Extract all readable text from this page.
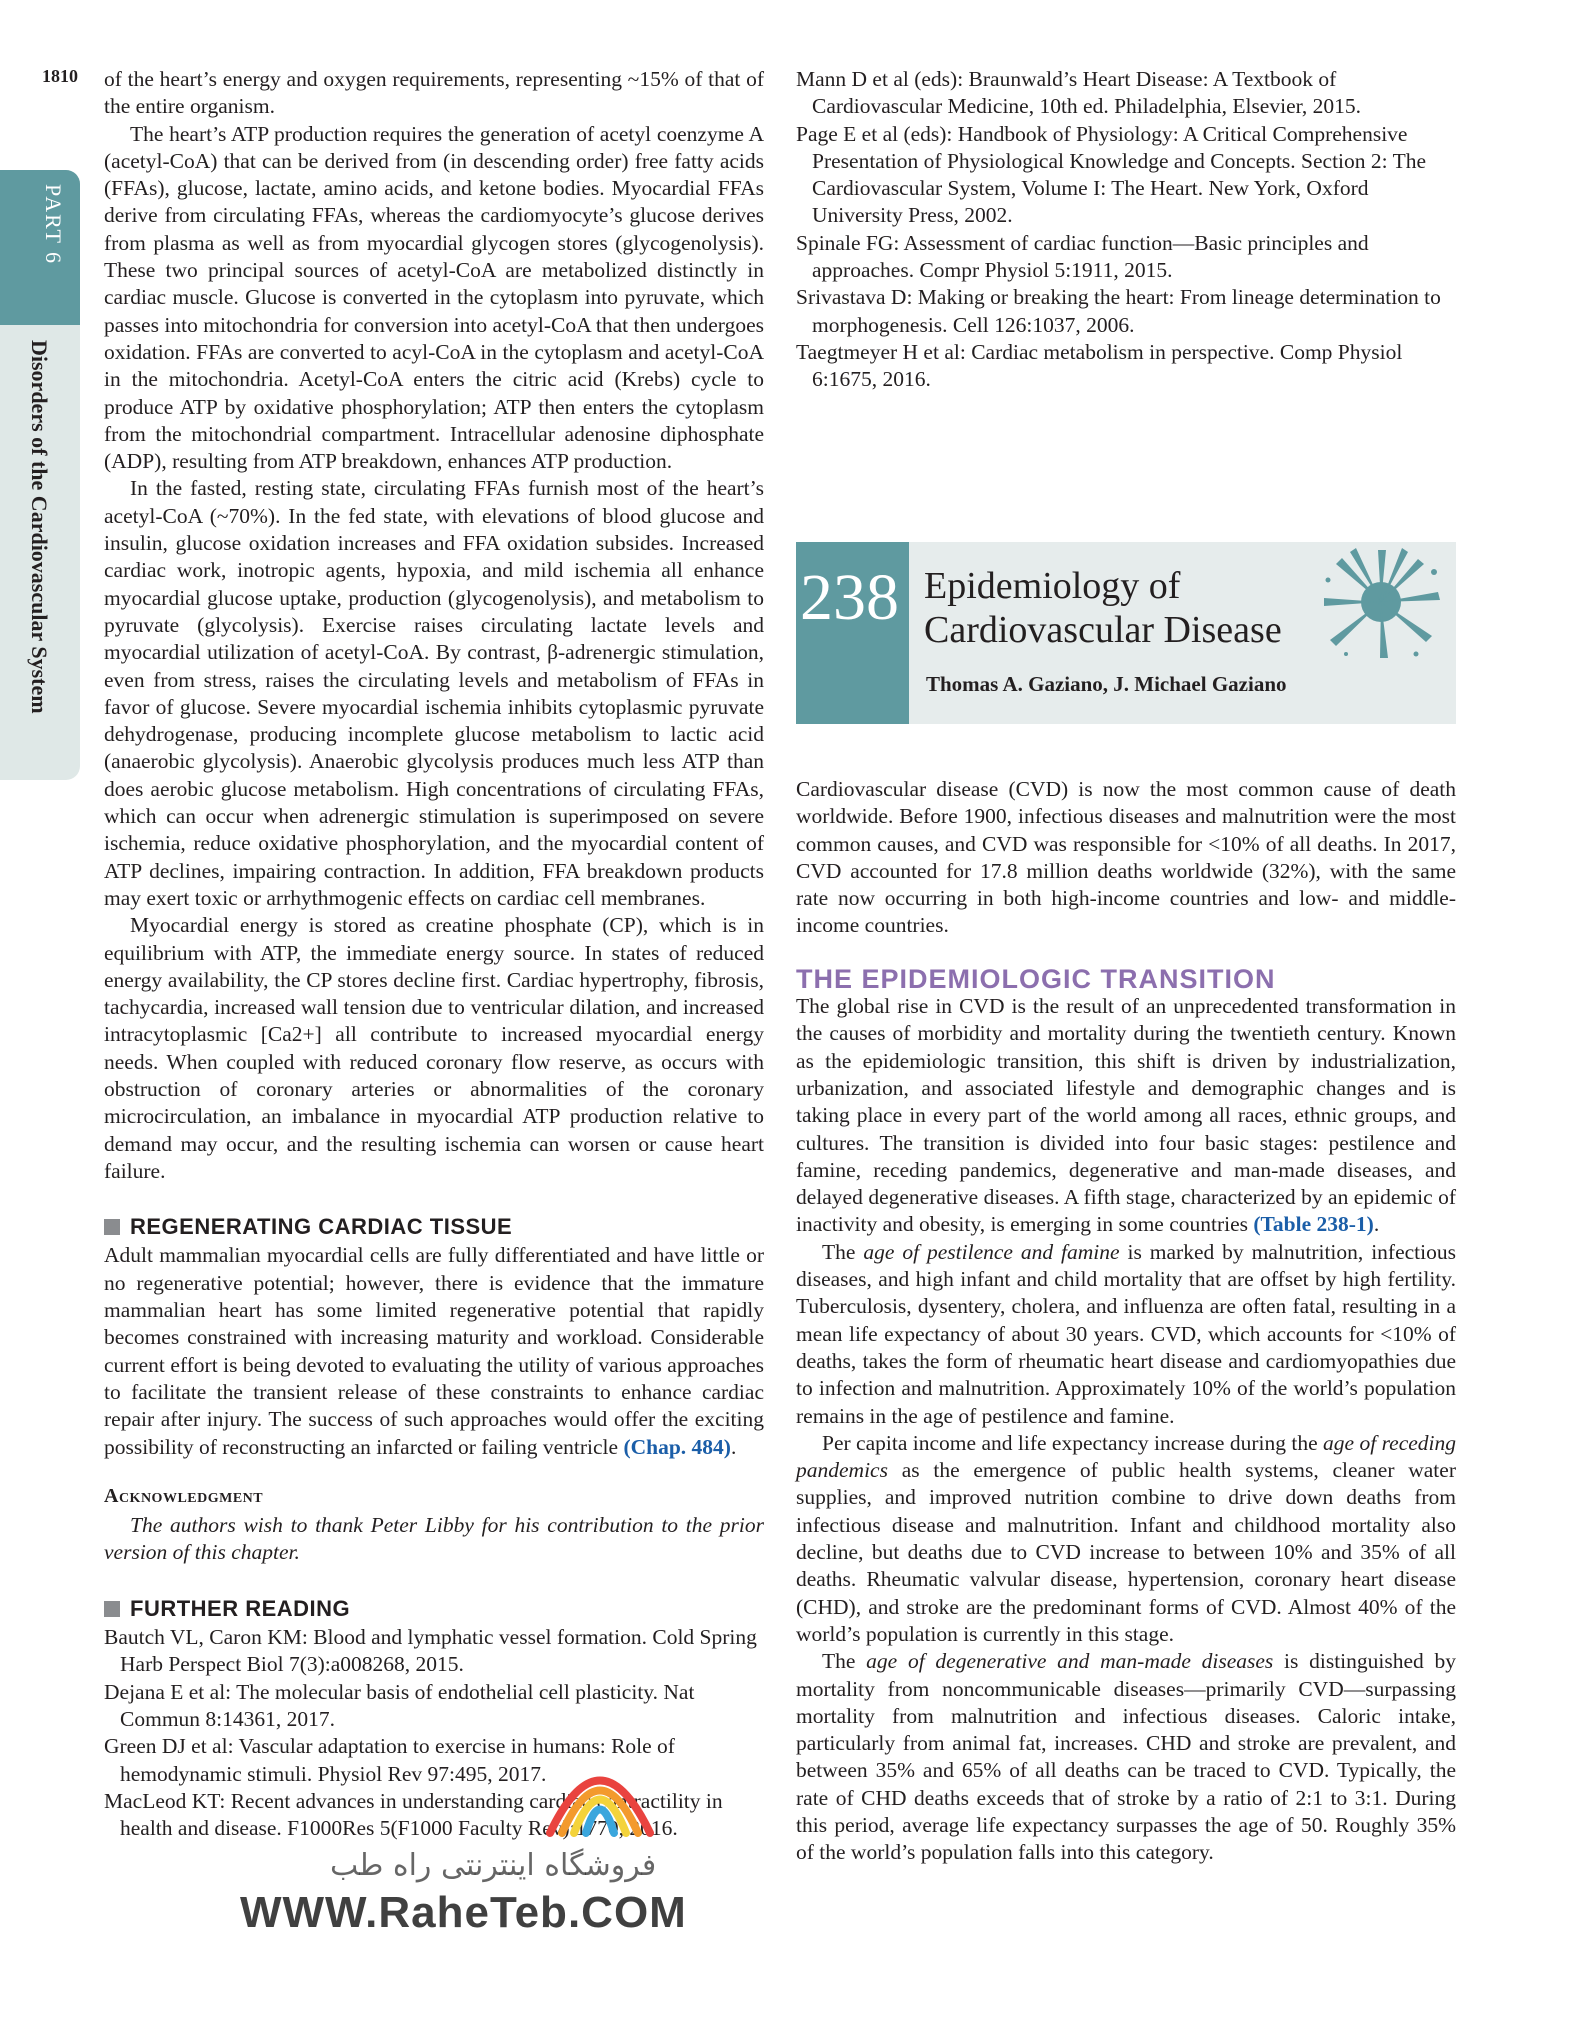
1810
PART 6
Disorders of the Cardiovascular System

of the heart’s energy and oxygen requirements, representing ~15% of that of the entire organism.

The heart’s ATP production requires the generation of acetyl coenzyme A (acetyl-CoA) that can be derived from (in descending order) free fatty acids (FFAs), glucose, lactate, amino acids, and ketone bodies. Myocardial FFAs derive from circulating FFAs, whereas the cardiomyocyte’s glucose derives from plasma as well as from myocardial glycogen stores (glycogenolysis). These two principal sources of acetyl-CoA are metabolized distinctly in cardiac muscle. Glucose is converted in the cytoplasm into pyruvate, which passes into mitochondria for conversion into acetyl-CoA that then undergoes oxidation. FFAs are converted to acyl-CoA in the cytoplasm and acetyl-CoA in the mitochondria. Acetyl-CoA enters the citric acid (Krebs) cycle to produce ATP by oxidative phosphorylation; ATP then enters the cytoplasm from the mitochondrial compartment. Intracellular adenosine diphosphate (ADP), resulting from ATP breakdown, enhances ATP production.

In the fasted, resting state, circulating FFAs furnish most of the heart’s acetyl-CoA (~70%). In the fed state, with elevations of blood glucose and insulin, glucose oxidation increases and FFA oxidation subsides. Increased cardiac work, inotropic agents, hypoxia, and mild ischemia all enhance myocardial glucose uptake, production (glycogenolysis), and metabolism to pyruvate (glycolysis). Exercise raises circulating lactate levels and myocardial utilization of acetyl-CoA. By contrast, β-adrenergic stimulation, even from stress, raises the circulating levels and metabolism of FFAs in favor of glucose. Severe myocardial ischemia inhibits cytoplasmic pyruvate dehydrogenase, producing incomplete glucose metabolism to lactic acid (anaerobic glycolysis). Anaerobic glycolysis produces much less ATP than does aerobic glucose metabolism. High concentrations of circulating FFAs, which can occur when adrenergic stimulation is superimposed on severe ischemia, reduce oxidative phosphorylation, and the myocardial content of ATP declines, impairing contraction. In addition, FFA breakdown products may exert toxic or arrhythmogenic effects on cardiac cell membranes.

Myocardial energy is stored as creatine phosphate (CP), which is in equilibrium with ATP, the immediate energy source. In states of reduced energy availability, the CP stores decline first. Cardiac hypertrophy, fibrosis, tachycardia, increased wall tension due to ventricular dilation, and increased intracytoplasmic [Ca2+] all contribute to increased myocardial energy needs. When coupled with reduced coronary flow reserve, as occurs with obstruction of coronary arteries or abnormalities of the coronary microcirculation, an imbalance in myocardial ATP production relative to demand may occur, and the resulting ischemia can worsen or cause heart failure.

REGENERATING CARDIAC TISSUE

Adult mammalian myocardial cells are fully differentiated and have little or no regenerative potential; however, there is evidence that the immature mammalian heart has some limited regenerative potential that rapidly becomes constrained with increasing maturity and workload. Considerable current effort is being devoted to evaluating the utility of various approaches to facilitate the transient release of these constraints to enhance cardiac repair after injury. The success of such approaches would offer the exciting possibility of reconstructing an infarcted or failing ventricle (Chap. 484).

Acknowledgment

The authors wish to thank Peter Libby for his contribution to the prior version of this chapter.

FURTHER READING

Bautch VL, Caron KM: Blood and lymphatic vessel formation. Cold Spring Harb Perspect Biol 7(3):a008268, 2015.

Dejana E et al: The molecular basis of endothelial cell plasticity. Nat Commun 8:14361, 2017.

Green DJ et al: Vascular adaptation to exercise in humans: Role of hemodynamic stimuli. Physiol Rev 97:495, 2017.

MacLeod KT: Recent advances in understanding cardiac contractility in health and disease. F1000Res 5(F1000 Faculty Rev):1770, 2016.

Mann D et al (eds): Braunwald’s Heart Disease: A Textbook of Cardiovascular Medicine, 10th ed. Philadelphia, Elsevier, 2015.

Page E et al (eds): Handbook of Physiology: A Critical Comprehensive Presentation of Physiological Knowledge and Concepts. Section 2: The Cardiovascular System, Volume I: The Heart. New York, Oxford University Press, 2002.

Spinale FG: Assessment of cardiac function—Basic principles and approaches. Compr Physiol 5:1911, 2015.

Srivastava D: Making or breaking the heart: From lineage determination to morphogenesis. Cell 126:1037, 2006.

Taegtmeyer H et al: Cardiac metabolism in perspective. Comp Physiol 6:1675, 2016.

238 Epidemiology of
Cardiovascular Disease
Thomas A. Gaziano, J. Michael Gaziano

Cardiovascular disease (CVD) is now the most common cause of death worldwide. Before 1900, infectious diseases and malnutrition were the most common causes, and CVD was responsible for <10% of all deaths. In 2017, CVD accounted for 17.8 million deaths worldwide (32%), with the same rate now occurring in both high-income countries and low- and middle-income countries.

THE EPIDEMIOLOGIC TRANSITION

The global rise in CVD is the result of an unprecedented transformation in the causes of morbidity and mortality during the twentieth century. Known as the epidemiologic transition, this shift is driven by industrialization, urbanization, and associated lifestyle and demographic changes and is taking place in every part of the world among all races, ethnic groups, and cultures. The transition is divided into four basic stages: pestilence and famine, receding pandemics, degenerative and man-made diseases, and delayed degenerative diseases. A fifth stage, characterized by an epidemic of inactivity and obesity, is emerging in some countries (Table 238-1).

The age of pestilence and famine is marked by malnutrition, infectious diseases, and high infant and child mortality that are offset by high fertility. Tuberculosis, dysentery, cholera, and influenza are often fatal, resulting in a mean life expectancy of about 30 years. CVD, which accounts for <10% of deaths, takes the form of rheumatic heart disease and cardiomyopathies due to infection and malnutrition. Approximately 10% of the world’s population remains in the age of pestilence and famine.

Per capita income and life expectancy increase during the age of receding pandemics as the emergence of public health systems, cleaner water supplies, and improved nutrition combine to drive down deaths from infectious disease and malnutrition. Infant and childhood mortality also decline, but deaths due to CVD increase to between 10% and 35% of all deaths. Rheumatic valvular disease, hypertension, coronary heart disease (CHD), and stroke are the predominant forms of CVD. Almost 40% of the world’s population is currently in this stage.

The age of degenerative and man-made diseases is distinguished by mortality from noncommunicable diseases—primarily CVD—surpassing mortality from malnutrition and infectious diseases. Caloric intake, particularly from animal fat, increases. CHD and stroke are prevalent, and between 35% and 65% of all deaths can be traced to CVD. Typically, the rate of CHD deaths exceeds that of stroke by a ratio of 2:1 to 3:1. During this period, average life expectancy surpasses the age of 50. Roughly 35% of the world’s population falls into this category.

فروشگاه اینترنتی راه طب
WWW.RaheTeb.COM
